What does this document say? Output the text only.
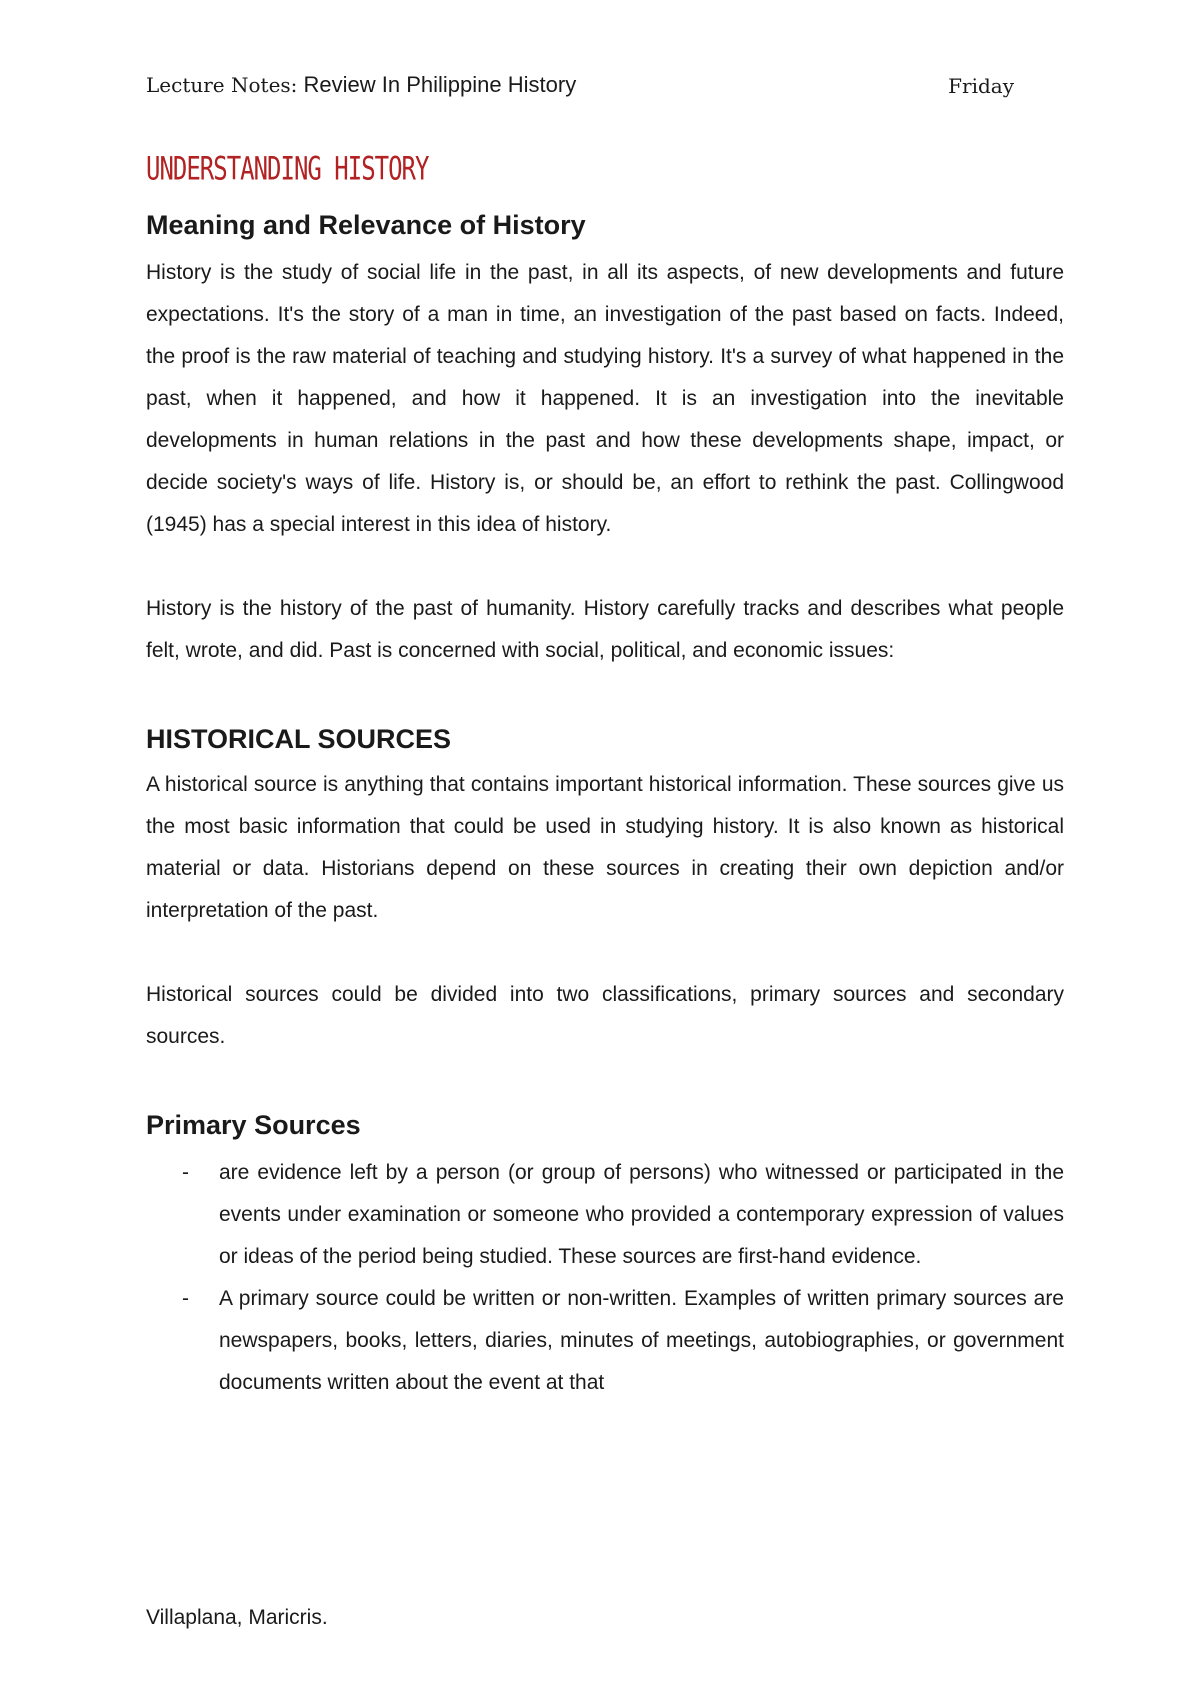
Lecture Notes: Review In Philippine History	Friday
UNDERSTANDING HISTORY
Meaning and Relevance of History

History is the study of social life in the past, in all its aspects, of new developments and future expectations. It's the story of a man in time, an investigation of the past based on facts. Indeed, the proof is the raw material of teaching and studying history. It's a survey of what happened in the past, when it happened, and how it happened. It is an investigation into the inevitable developments in human relations in the past and how these developments shape, impact, or decide society's ways of life. History is, or should be, an effort to rethink the past. Collingwood (1945) has a special interest in this idea of history.

History is the history of the past of humanity. History carefully tracks and describes what people felt, wrote, and did. Past is concerned with social, political, and economic issues:

HISTORICAL SOURCES

A historical source is anything that contains important historical information. These sources give us the most basic information that could be used in studying history. It is also known as historical material or data. Historians depend on these sources in creating their own depiction and/or interpretation of the past.

Historical sources could be divided into two classifications, primary sources and secondary sources.

Primary Sources
- are evidence left by a person (or group of persons) who witnessed or participated in the events under examination or someone who provided a contemporary expression of values or ideas of the period being studied. These sources are first-hand evidence.
- A primary source could be written or non-written. Examples of written primary sources are newspapers, books, letters, diaries, minutes of meetings, autobiographies, or government documents written about the event at that
Villaplana, Maricris.
